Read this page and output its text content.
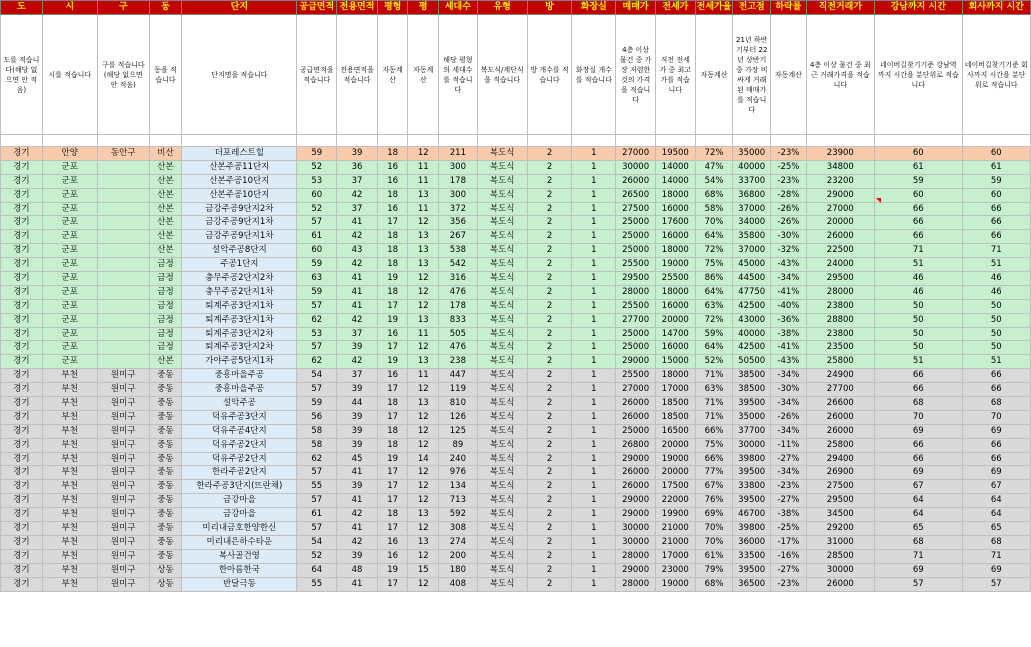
도	시	구	동	단지	공급면적	전용면적	평형	평	세대수	유형	방	화장실	매매가	전세가	전세가율	전고점	하락률	직전거래가	강남까지 시간	회사까지 시간
도를 적습니다(해당 없으면 안 적음)	시를 적습니다	구를 적습니다(해당 없으면 안 적음)	동을 적습니다	단지명을 적습니다	공급면적을 적습니다	전용면적을 적습니다	자동계산	자동계산	해당 평형의 세대수를 적습니다	복도식/계단식을 적습니다	방 개수를 적습니다	화장실 개수를 적습니다	4층 이상 물건 중 가장 저렴한 것의 가격을 적습니다	직전 전세가 중 최고가를 적습니다	자동계산	21년 하반기부터 22년 상반기 중 가장 비싸게 거래된 매매가를 적습니다	자동계산	4층 이상 물건 중 최근 거래가격을 적습니다	네이버길찾기기준 강남역까지 시간을 분단위로 적습니다	네이버길찾기기준 회사까지 시간을 분단위로 적습니다

경기	안양	동안구	비산	더포레스트힐	59	39	18	12	211	복도식	2	1	27000	19500	72%	35000	-23%	23900	60	60
경기	군포		산본	산본주공11단지	52	36	16	11	300	복도식	2	1	30000	14000	47%	40000	-25%	34800	61	61
경기	군포		산본	산본주공10단지	53	37	16	11	178	복도식	2	1	26000	14000	54%	33700	-23%	23200	59	59
경기	군포		산본	산본주공10단지	60	42	18	13	300	복도식	2	1	26500	18000	68%	36800	-28%	29000	60	60
경기	군포		산본	금강주공9단지2차	52	37	16	11	372	복도식	2	1	27500	16000	58%	37000	-26%	27000	66	66
경기	군포		산본	금강주공9단지1차	57	41	17	12	356	복도식	2	1	25000	17600	70%	34000	-26%	20000	66	66
경기	군포		산본	금강주공9단지1차	61	42	18	13	267	복도식	2	1	25000	16000	64%	35800	-30%	26000	66	66
경기	군포		산본	설악주공8단지	60	43	18	13	538	복도식	2	1	25000	18000	72%	37000	-32%	22500	71	71
경기	군포		금정	주공1단지	59	42	18	13	542	복도식	2	1	25500	19000	75%	45000	-43%	24000	51	51
경기	군포		금정	충무주공2단지2차	63	41	19	12	316	복도식	2	1	29500	25500	86%	44500	-34%	29500	46	46
경기	군포		금정	충무주공2단지1차	59	41	18	12	476	복도식	2	1	28000	18000	64%	47750	-41%	28000	46	46
경기	군포		금정	퇴계주공3단지1차	57	41	17	12	178	복도식	2	1	25500	16000	63%	42500	-40%	23800	50	50
경기	군포		금정	퇴계주공3단지1차	62	42	19	13	833	복도식	2	1	27700	20000	72%	43000	-36%	28800	50	50
경기	군포		금정	퇴계주공3단지2차	53	37	16	11	505	복도식	2	1	25000	14700	59%	40000	-38%	23800	50	50
경기	군포		금정	퇴계주공3단지2차	57	39	17	12	476	복도식	2	1	25000	16000	64%	42500	-41%	23500	50	50
경기	군포		산본	가야주공5단지1차	62	42	19	13	238	복도식	2	1	29000	15000	52%	50500	-43%	25800	51	51
경기	부천	원미구	중동	중흥마을주공	54	37	16	11	447	복도식	2	1	25500	18000	71%	38500	-34%	24900	66	66
경기	부천	원미구	중동	중흥마을주공	57	39	17	12	119	복도식	2	1	27000	17000	63%	38500	-30%	27700	66	66
경기	부천	원미구	중동	설악주공	59	44	18	13	810	복도식	2	1	26000	18500	71%	39500	-34%	26600	68	68
경기	부천	원미구	중동	덕유주공3단지	56	39	17	12	126	복도식	2	1	26000	18500	71%	35000	-26%	26000	70	70
경기	부천	원미구	중동	덕유주공4단지	58	39	18	12	125	복도식	2	1	25000	16500	66%	37700	-34%	26000	69	69
경기	부천	원미구	중동	덕유주공2단지	58	39	18	12	89	복도식	2	1	26800	20000	75%	30000	-11%	25800	66	66
경기	부천	원미구	중동	덕유주공2단지	62	45	19	14	240	복도식	2	1	29000	19000	66%	39800	-27%	29400	66	66
경기	부천	원미구	중동	한라주공2단지	57	41	17	12	976	복도식	2	1	26000	20000	77%	39500	-34%	26900	69	69
경기	부천	원미구	중동	한라주공3단지(뜨란채)	55	39	17	12	134	복도식	2	1	26000	17500	67%	33800	-23%	27500	67	67
경기	부천	원미구	중동	금강마을	57	41	17	12	713	복도식	2	1	29000	22000	76%	39500	-27%	29500	64	64
경기	부천	원미구	중동	금강마을	61	42	18	13	592	복도식	2	1	29000	19900	69%	46700	-38%	34500	64	64
경기	부천	원미구	중동	미리내금호한양한신	57	41	17	12	308	복도식	2	1	30000	21000	70%	39800	-25%	29200	65	65
경기	부천	원미구	중동	미리내은하수타운	54	42	16	13	274	복도식	2	1	30000	21000	70%	36000	-17%	31000	68	68
경기	부천	원미구	중동	복사골건영	52	39	16	12	200	복도식	2	1	28000	17000	61%	33500	-16%	28500	71	71
경기	부천	원미구	상동	한아름한국	64	48	19	15	180	복도식	2	1	29000	23000	79%	39500	-27%	30000	69	69
경기	부천	원미구	상동	반달극동	55	41	17	12	408	복도식	2	1	28000	19000	68%	36500	-23%	26000	57	57
